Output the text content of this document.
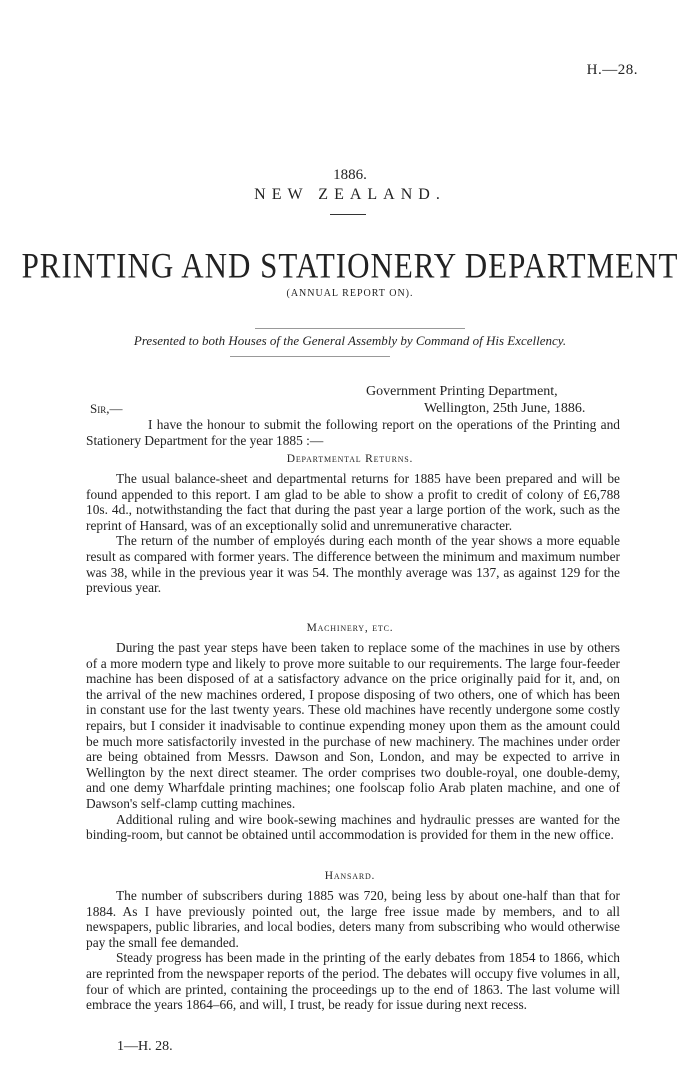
H.—28.
1886.
NEW ZEALAND.
PRINTING AND STATIONERY DEPARTMENT
(ANNUAL REPORT ON).
Presented to both Houses of the General Assembly by Command of His Excellency.
Government Printing Department,
Sir,—	Wellington, 25th June, 1886.

I have the honour to submit the following report on the operations of the Printing and Stationery Department for the year 1885 :—

Departmental Returns.

The usual balance-sheet and departmental returns for 1885 have been prepared and will be found appended to this report. I am glad to be able to show a profit to credit of colony of £6,788 10s. 4d., notwithstanding the fact that during the past year a large portion of the work, such as the reprint of Hansard, was of an exceptionally solid and unremunerative character.

The return of the number of employés during each month of the year shows a more equable result as compared with former years. The difference between the minimum and maximum number was 38, while in the previous year it was 54. The monthly average was 137, as against 129 for the previous year.

Machinery, etc.

During the past year steps have been taken to replace some of the machines in use by others of a more modern type and likely to prove more suitable to our requirements. The large four-feeder machine has been disposed of at a satisfactory advance on the price originally paid for it, and, on the arrival of the new machines ordered, I propose disposing of two others, one of which has been in constant use for the last twenty years. These old machines have recently undergone some costly repairs, but I consider it inadvisable to continue expending money upon them as the amount could be much more satisfactorily invested in the purchase of new machinery. The machines under order are being obtained from Messrs. Dawson and Son, London, and may be expected to arrive in Wellington by the next direct steamer. The order comprises two double-royal, one double-demy, and one demy Wharfdale printing machines; one foolscap folio Arab platen machine, and one of Dawson's self-clamp cutting machines.

Additional ruling and wire book-sewing machines and hydraulic presses are wanted for the binding-room, but cannot be obtained until accommodation is provided for them in the new office.

Hansard.

The number of subscribers during 1885 was 720, being less by about one-half than that for 1884. As I have previously pointed out, the large free issue made by members, and to all newspapers, public libraries, and local bodies, deters many from subscribing who would otherwise pay the small fee demanded.

Steady progress has been made in the printing of the early debates from 1854 to 1866, which are reprinted from the newspaper reports of the period. The debates will occupy five volumes in all, four of which are printed, containing the proceedings up to the end of 1863. The last volume will embrace the years 1864–66, and will, I trust, be ready for issue during next recess.

1—H. 28.
